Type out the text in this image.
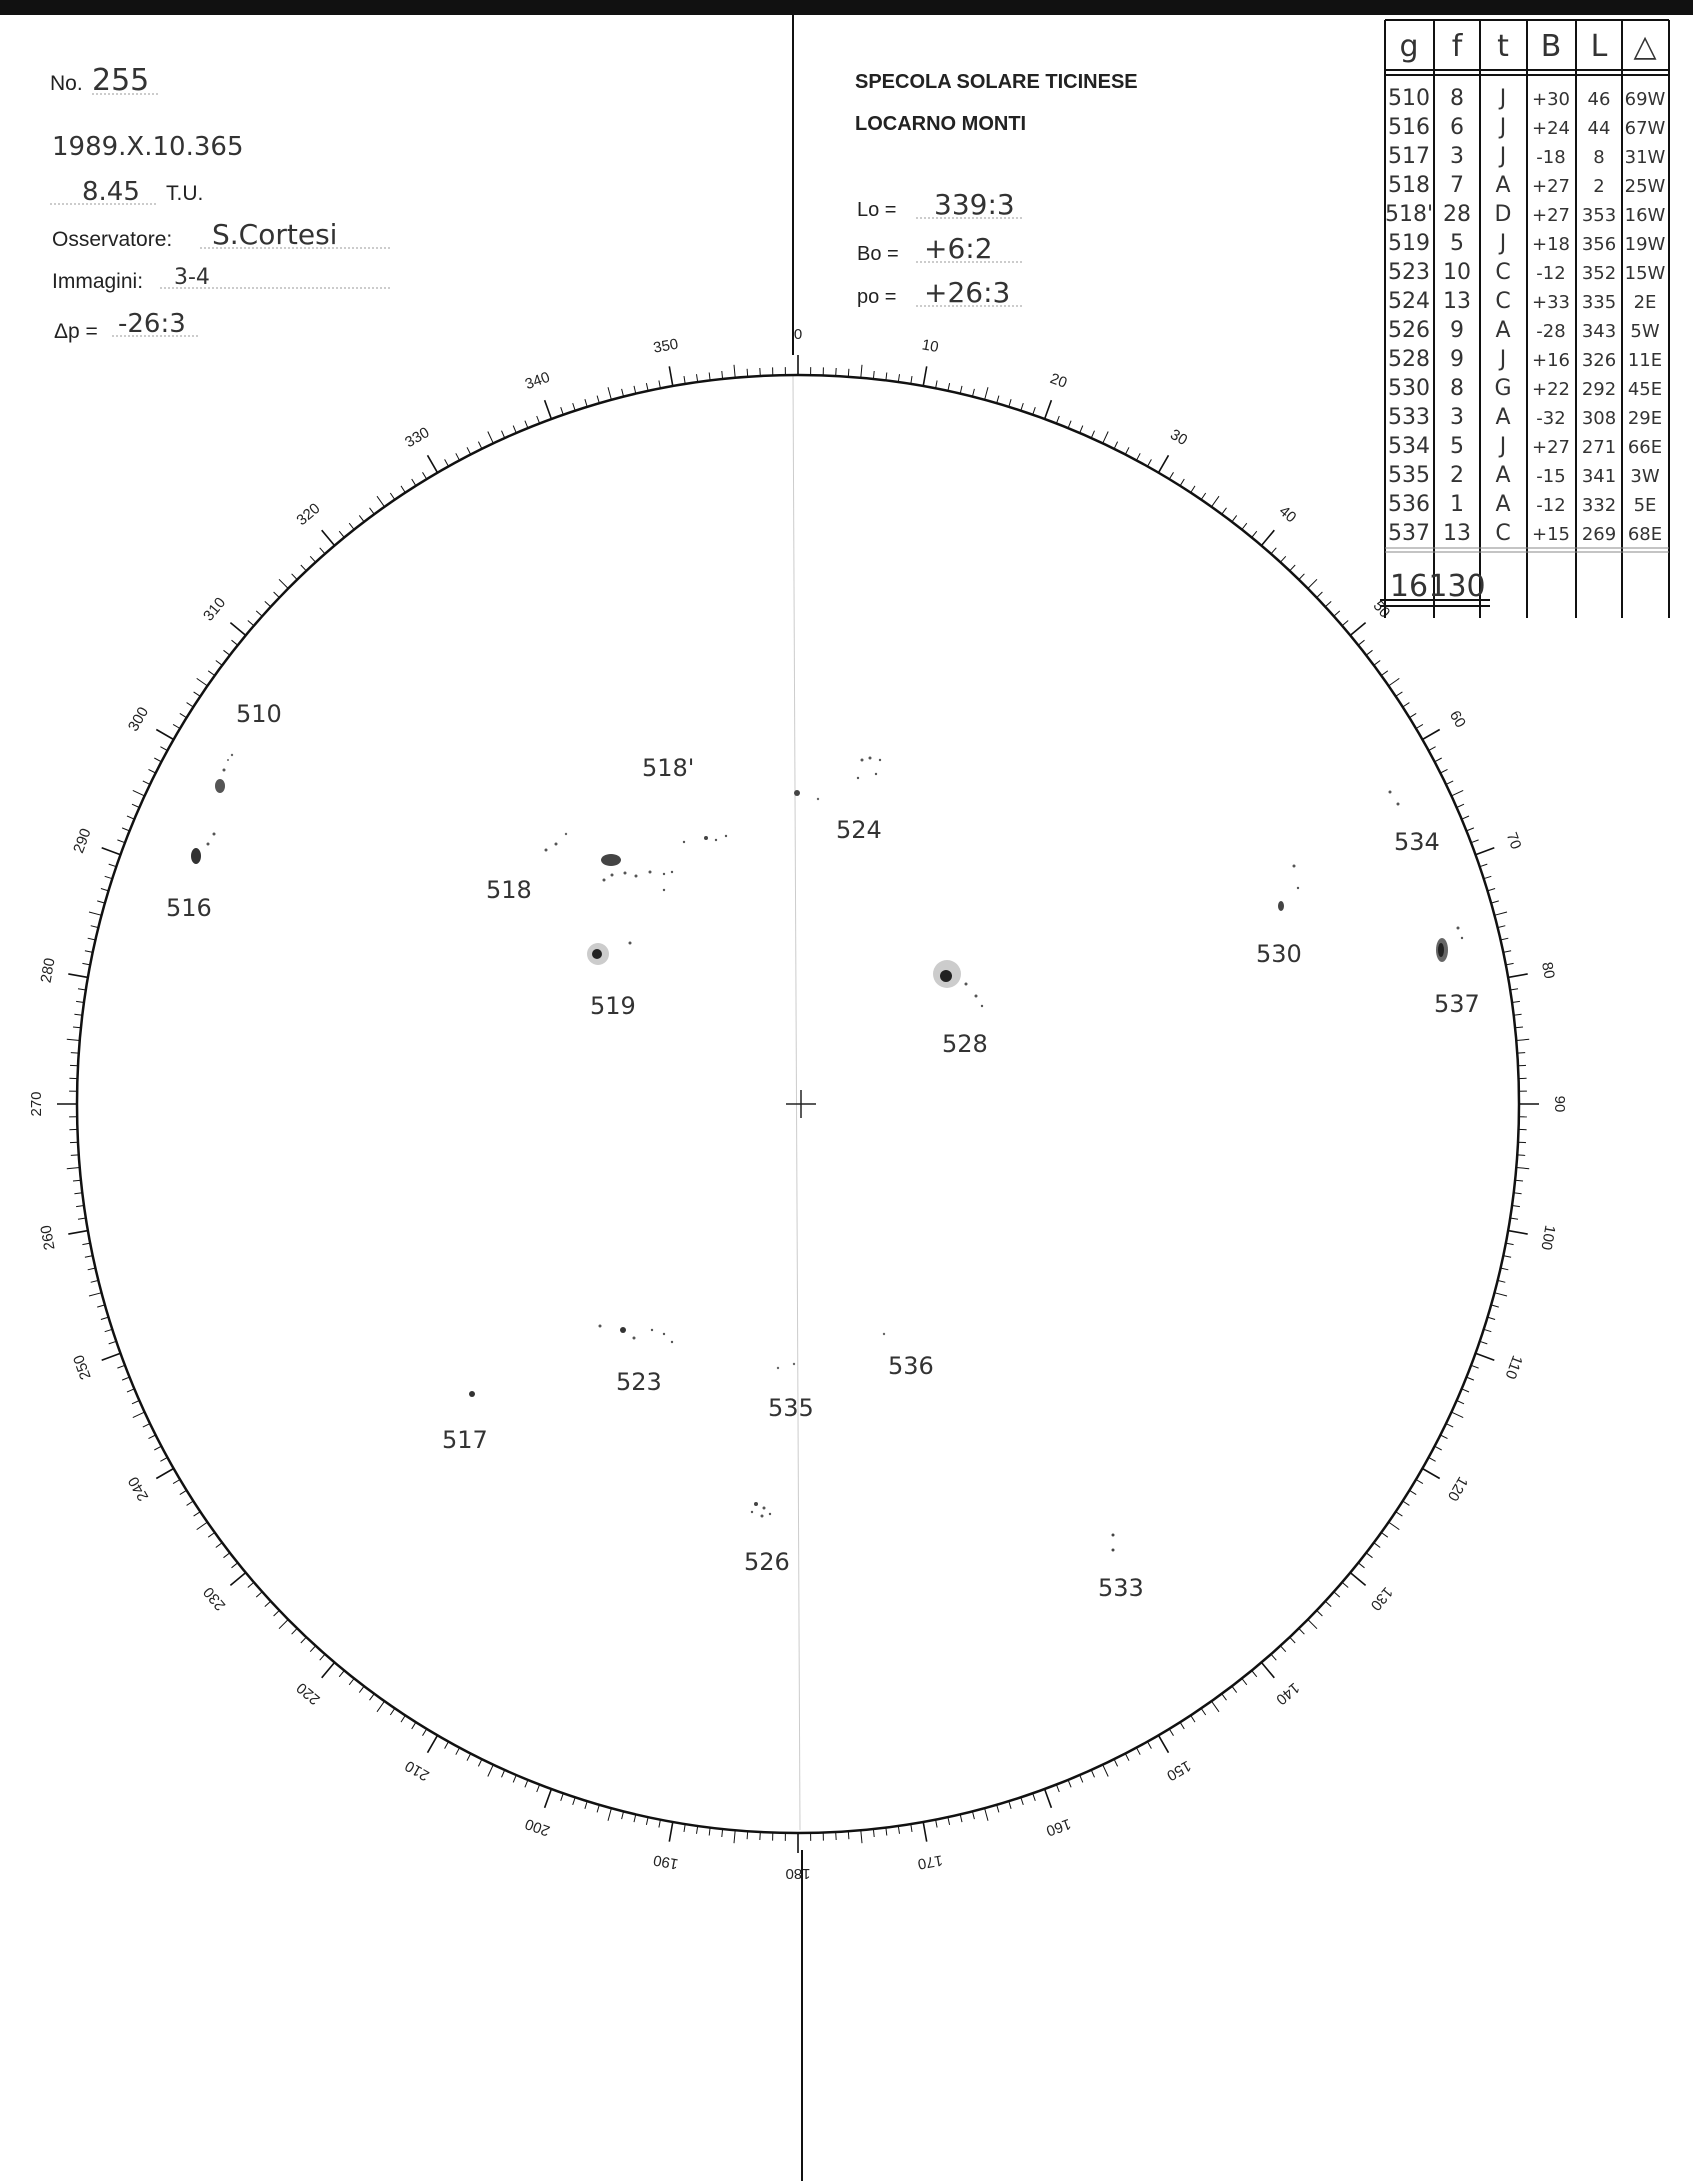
No. 255
1989.X.10.365
8.45 T.U.
Osservatore: S.Cortesi
Immagini: 3-4
Δp = -26:3
SPECOLA SOLARE TICINESE
LOCARNO MONTI
Lo = 339:3
Bo = +6:2
po = +26:3
0
10
20
30
40
50
60
70
80
90
100
110
120
130
140
150
160
170
180
190
200
210
220
230
240
250
260
270
280
290
300
310
320
330
340
350
510
516
518'
518
519
524
528
530
534
537
523
517
535
536
526
533
g f t B L △
510 8 J +30 46 69W
516 6 J +24 44 67W
517 3 J -18 8 31W
518 7 A +27 2 25W
518' 28 D +27 353 16W
519 5 J +18 356 19W
523 10 C -12 352 15W
524 13 C +33 335 2E
526 9 A -28 343 5W
528 9 J +16 326 11E
530 8 G +22 292 45E
533 3 A -32 308 29E
534 5 J +27 271 66E
535 2 A -15 341 3W
536 1 A -12 332 5E
537 13 C +15 269 68E
16 130
